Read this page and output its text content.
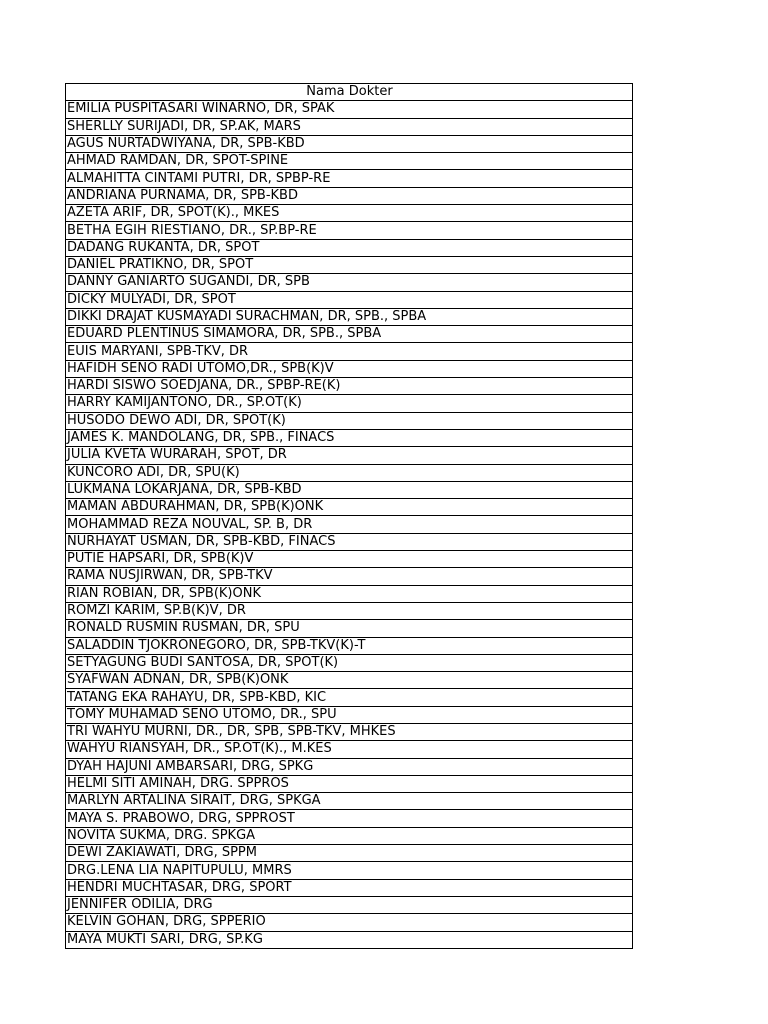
Nama Dokter
EMILIA PUSPITASARI WINARNO, DR, SPAK
SHERLLY SURIJADI, DR, SP.AK, MARS
AGUS NURTADWIYANA, DR, SPB-KBD
AHMAD RAMDAN, DR, SPOT-SPINE
ALMAHITTA CINTAMI PUTRI, DR, SPBP-RE
ANDRIANA PURNAMA, DR, SPB-KBD
AZETA ARIF, DR, SPOT(K)., MKES
BETHA EGIH RIESTIANO, DR., SP.BP-RE
DADANG RUKANTA, DR, SPOT
DANIEL PRATIKNO, DR, SPOT
DANNY GANIARTO SUGANDI, DR, SPB
DICKY MULYADI, DR, SPOT
DIKKI DRAJAT KUSMAYADI SURACHMAN, DR, SPB., SPBA
EDUARD PLENTINUS SIMAMORA, DR, SPB., SPBA
EUIS MARYANI, SPB-TKV, DR
HAFIDH SENO RADI UTOMO,DR., SPB(K)V
HARDI SISWO SOEDJANA, DR., SPBP-RE(K)
HARRY KAMIJANTONO, DR., SP.OT(K)
HUSODO DEWO ADI, DR, SPOT(K)
JAMES K. MANDOLANG, DR, SPB., FINACS
JULIA KVETA WURARAH, SPOT, DR
KUNCORO ADI, DR, SPU(K)
LUKMANA LOKARJANA, DR, SPB-KBD
MAMAN ABDURAHMAN, DR, SPB(K)ONK
MOHAMMAD REZA NOUVAL, SP. B, DR
NURHAYAT USMAN, DR, SPB-KBD, FINACS
PUTIE HAPSARI, DR, SPB(K)V
RAMA NUSJIRWAN, DR, SPB-TKV
RIAN ROBIAN, DR, SPB(K)ONK
ROMZI KARIM, SP.B(K)V, DR
RONALD RUSMIN RUSMAN, DR, SPU
SALADDIN TJOKRONEGORO, DR, SPB-TKV(K)-T
SETYAGUNG BUDI SANTOSA, DR, SPOT(K)
SYAFWAN ADNAN, DR, SPB(K)ONK
TATANG EKA RAHAYU, DR, SPB-KBD, KIC
TOMY MUHAMAD SENO UTOMO, DR., SPU
TRI WAHYU MURNI, DR., DR, SPB, SPB-TKV, MHKES
WAHYU RIANSYAH, DR., SP.OT(K)., M.KES
DYAH HAJUNI AMBARSARI, DRG, SPKG
HELMI SITI AMINAH, DRG. SPPROS
MARLYN ARTALINA SIRAIT, DRG, SPKGA
MAYA S. PRABOWO, DRG, SPPROST
NOVITA SUKMA, DRG. SPKGA
DEWI ZAKIAWATI, DRG, SPPM
DRG.LENA LIA NAPITUPULU, MMRS
HENDRI MUCHTASAR, DRG, SPORT
JENNIFER ODILIA, DRG
KELVIN GOHAN, DRG, SPPERIO
MAYA MUKTI SARI, DRG, SP.KG
